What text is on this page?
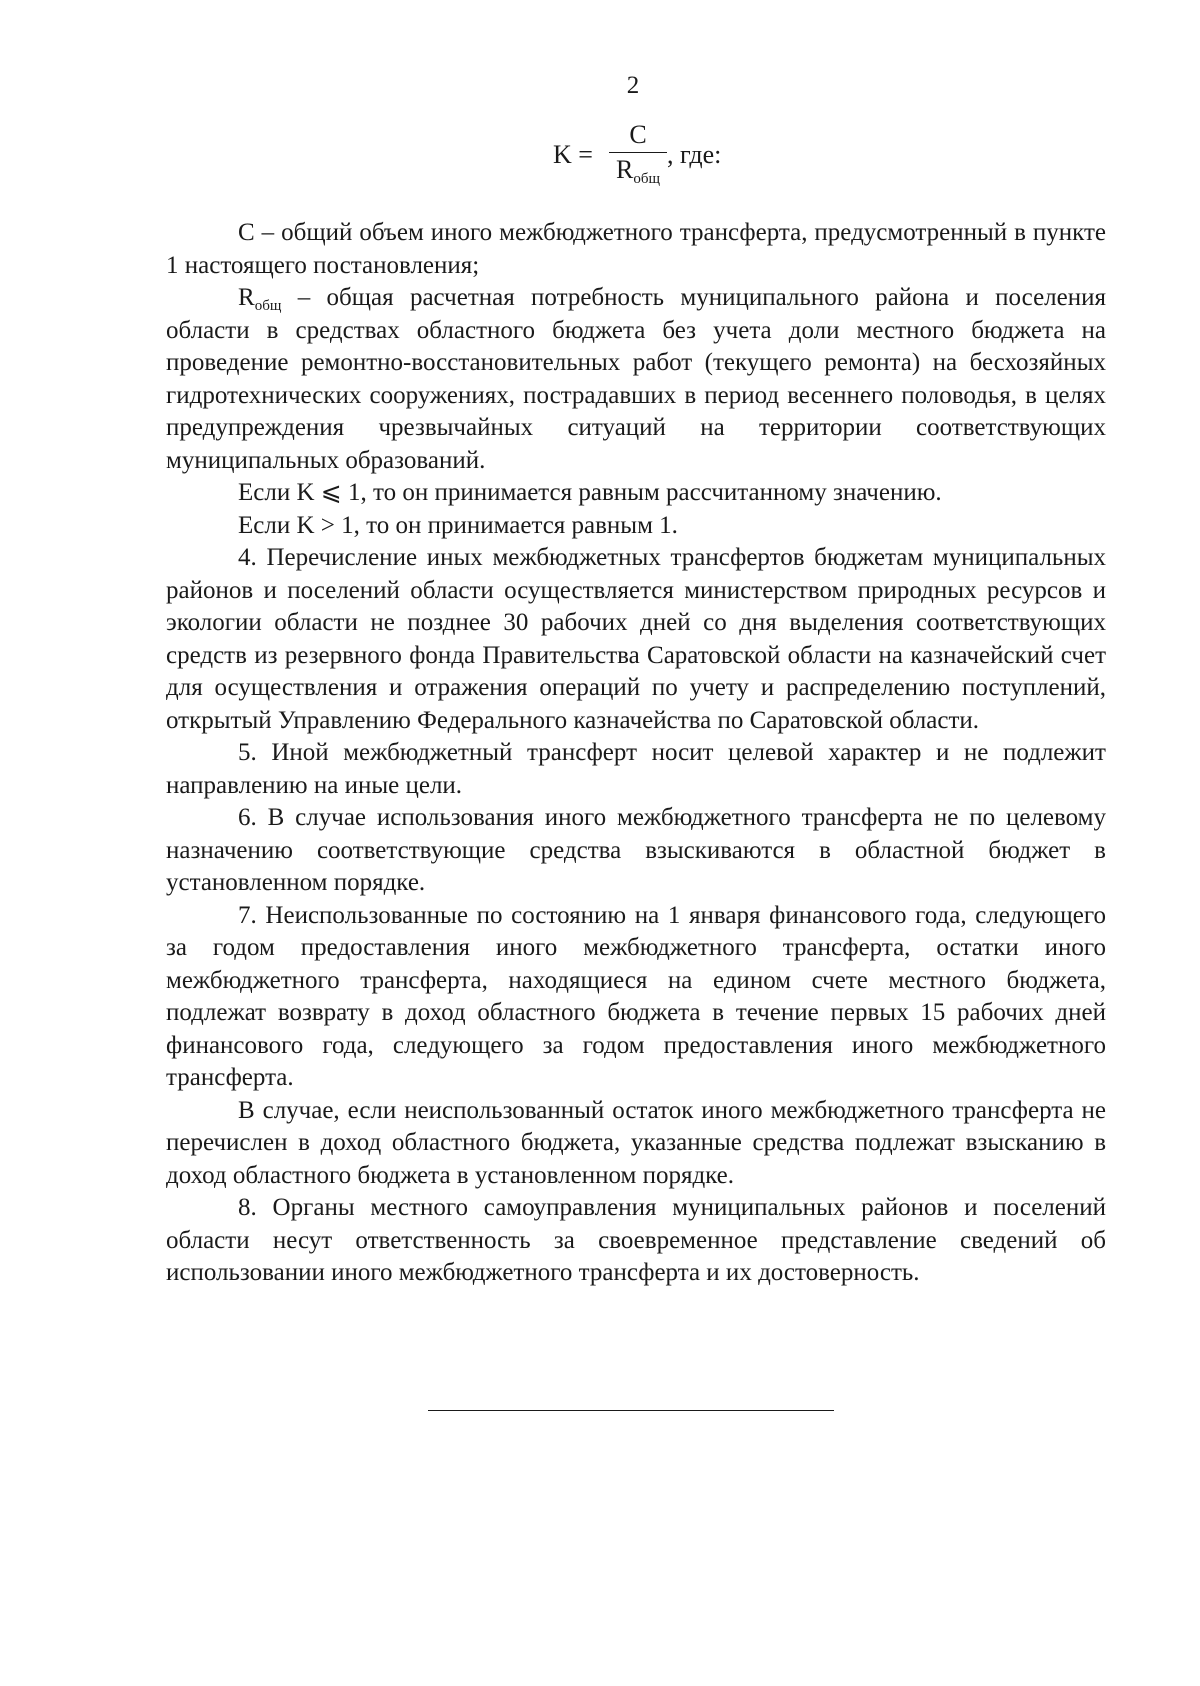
2
K =
C
$R_{общ}$
, где:

C – общий объем иного межбюджетного трансферта, предусмотренный в пункте 1 настоящего постановления;

$R_{общ}$ – общая расчетная потребность муниципального района и поселения области в средствах областного бюджета без учета доли местного бюджета на проведение ремонтно-восстановительных работ (текущего ремонта) на бесхозяйных гидротехнических сооружениях, пострадавших в период весеннего половодья, в целях предупреждения чрезвычайных ситуаций на территории соответствующих муниципальных образований.

Если K ⩽ 1, то он принимается равным рассчитанному значению.

Если K > 1, то он принимается равным 1.

4. Перечисление иных межбюджетных трансфертов бюджетам муниципальных районов и поселений области осуществляется министерством природных ресурсов и экологии области не позднее 30 рабочих дней со дня выделения соответствующих средств из резервного фонда Правительства Саратовской области на казначейский счет для осуществления и отражения операций по учету и распределению поступлений, открытый Управлению Федерального казначейства по Саратовской области.

5. Иной межбюджетный трансферт носит целевой характер и не подлежит направлению на иные цели.

6. В случае использования иного межбюджетного трансферта не по целевому назначению соответствующие средства взыскиваются в областной бюджет в установленном порядке.

7. Неиспользованные по состоянию на 1 января финансового года, следующего за годом предоставления иного межбюджетного трансферта, остатки иного межбюджетного трансферта, находящиеся на едином счете местного бюджета, подлежат возврату в доход областного бюджета в течение первых 15 рабочих дней финансового года, следующего за годом предоставления иного межбюджетного трансферта.

В случае, если неиспользованный остаток иного межбюджетного трансферта не перечислен в доход областного бюджета, указанные средства подлежат взысканию в доход областного бюджета в установленном порядке.

8. Органы местного самоуправления муниципальных районов и поселений области несут ответственность за своевременное представление сведений об использовании иного межбюджетного трансферта и их достоверность.
